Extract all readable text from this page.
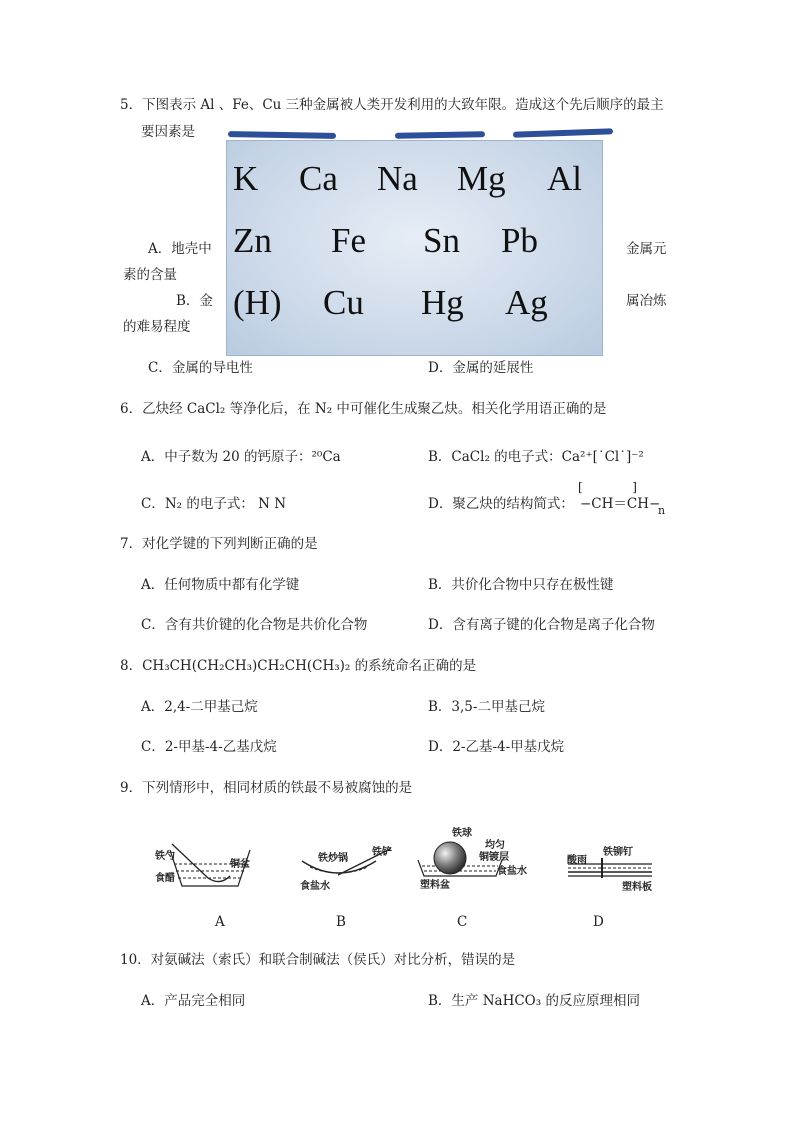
5．下图表示 Al 、Fe、Cu 三种金属被人类开发利用的大致年限。造成这个先后顺序的最主
要因素是
K Ca Na Mg Al
Zn Fe Sn Pb
(H) Cu Hg Ag
A．地壳中	金属元
素的含量
B．金	属冶炼
的难易程度
C．金属的导电性	D．金属的延展性
6．乙炔经 CaCl₂ 等净化后，在 N₂ 中可催化生成聚乙炔。相关化学用语正确的是
A．中子数为 20 的钙原子：²⁰Ca	B．CaCl₂ 的电子式：Ca²⁺[˙Cl˙]⁻²
C．N₂ 的电子式： N N	D．聚乙炔的结构简式：
[             ]
−CH＝CH−
n
7．对化学键的下列判断正确的是
A．任何物质中都有化学键	B．共价化合物中只存在极性键
C．含有共价键的化合物是共价化合物	D．含有离子键的化合物是离子化合物
8．CH₃CH(CH₂CH₃)CH₂CH(CH₃)₂ 的系统命名正确的是
A．2,4-二甲基己烷	B．3,5-二甲基己烷
C．2-甲基-4-乙基戊烷	D．2-乙基-4-甲基戊烷
9．下列情形中，相同材质的铁最不易被腐蚀的是
铁勺
铜盆
食醋
A
铁炒锅
铁铲
食盐水
B
铁球
均匀
铜镀层
食盐水
塑料盆
C
酸雨
铁铆钉
塑料板
D
10．对氨碱法（索氏）和联合制碱法（侯氏）对比分析，错误的是
A．产品完全相同	B．生产 NaHCO₃ 的反应原理相同
